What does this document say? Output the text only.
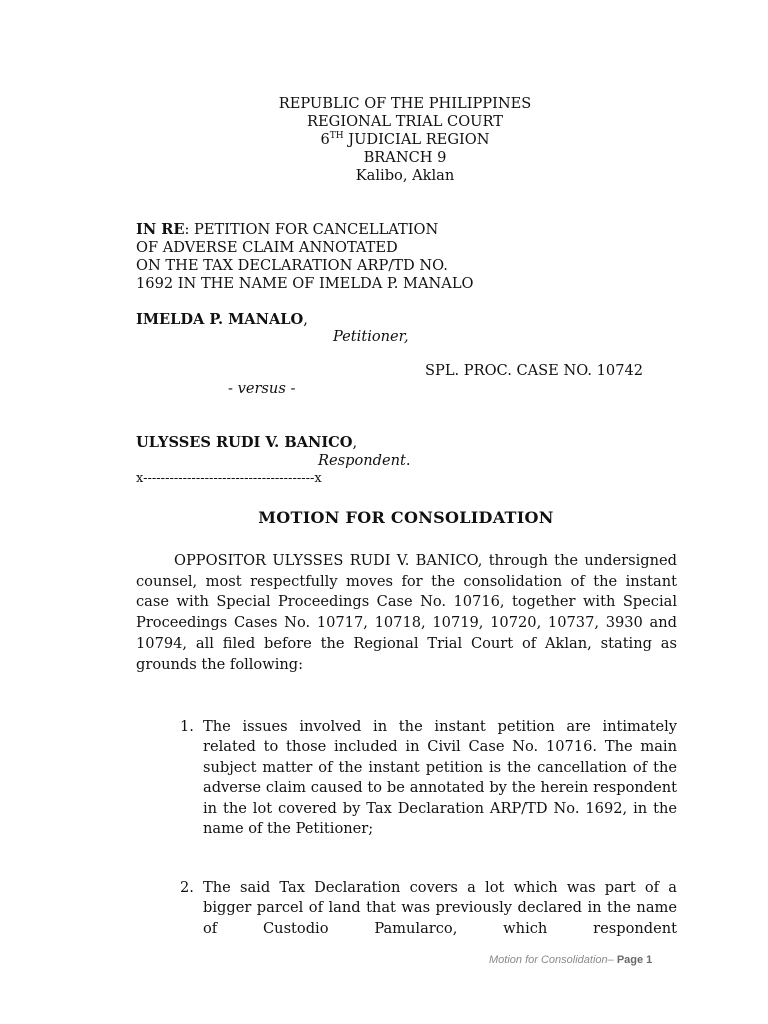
REPUBLIC OF THE PHILIPPINES
REGIONAL TRIAL COURT
6TH JUDICIAL REGION
BRANCH 9
Kalibo, Aklan
IN RE: PETITION FOR CANCELLATION
OF ADVERSE CLAIM ANNOTATED
ON THE TAX DECLARATION ARP/TD NO.
1692 IN THE NAME OF IMELDA P. MANALO
IMELDA P. MANALO,
Petitioner,
SPL. PROC. CASE NO. 10742
- versus -
ULYSSES RUDI V. BANICO,
Respondent.
x---------------------------------------x
MOTION FOR CONSOLIDATION
OPPOSITOR ULYSSES RUDI V. BANICO, through the undersigned counsel, most respectfully moves for the consolidation of the instant case with Special Proceedings Case No. 10716, together with Special Proceedings Cases No. 10717, 10718, 10719, 10720, 10737, 3930 and 10794, all filed before the Regional Trial Court of Aklan, stating as grounds the following:
1. The issues involved in the instant petition are intimately related to those included in Civil Case No. 10716. The main subject matter of the instant petition is the cancellation of the adverse claim caused to be annotated by the herein respondent in the lot covered by Tax Declaration ARP/TD No. 1692, in the name of the Petitioner;
2. The said Tax Declaration covers a lot which was part of a bigger parcel of land that was previously declared in the name of Custodio Pamularco, which respondent
Motion for Consolidation– Page 1
